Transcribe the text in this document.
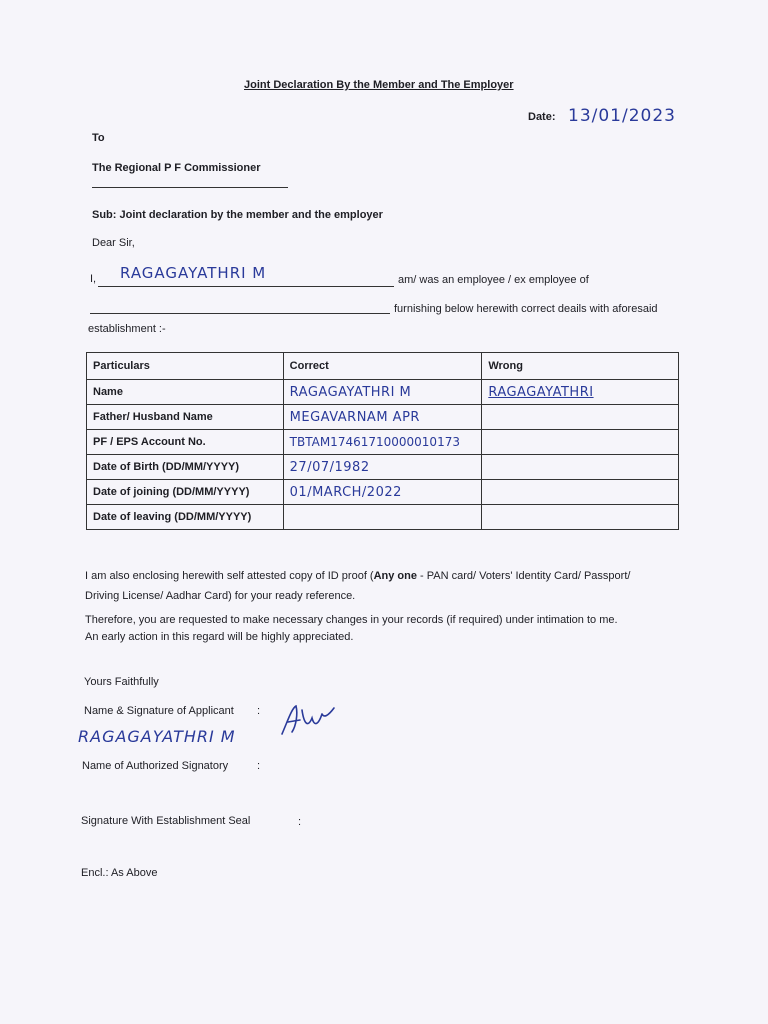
Joint Declaration By the Member and The Employer
Date: 13/01/2023
To
The Regional P F Commissioner
Sub: Joint declaration by the member and the employer
Dear Sir,
I, RAGAGAYATHRI M	am/ was an employee / ex employee of
furnishing below herewith correct deails with aforesaid
establishment :-
Particulars	Correct	Wrong
Name	RAGAGAYATHRI M	RAGAGAYATHRI
Father/ Husband Name	MEGAVARNAM APR	
PF / EPS Account No.	TBTAM17461710000010173	
Date of Birth (DD/MM/YYYY)	27/07/1982	
Date of joining (DD/MM/YYYY)	01/MARCH/2022	
Date of leaving (DD/MM/YYYY)		
I am also enclosing herewith self attested copy of ID proof (Any one - PAN card/ Voters' Identity Card/ Passport/
Driving License/ Aadhar Card) for your ready reference.
Therefore, you are requested to make necessary changes in your records (if required) under intimation to me.
An early action in this regard will be highly appreciated.
Yours Faithfully
Name & Signature of Applicant :
RAGAGAYATHRI M
Name of Authorized Signatory	:
Signature With Establishment Seal	:
Encl.: As Above
